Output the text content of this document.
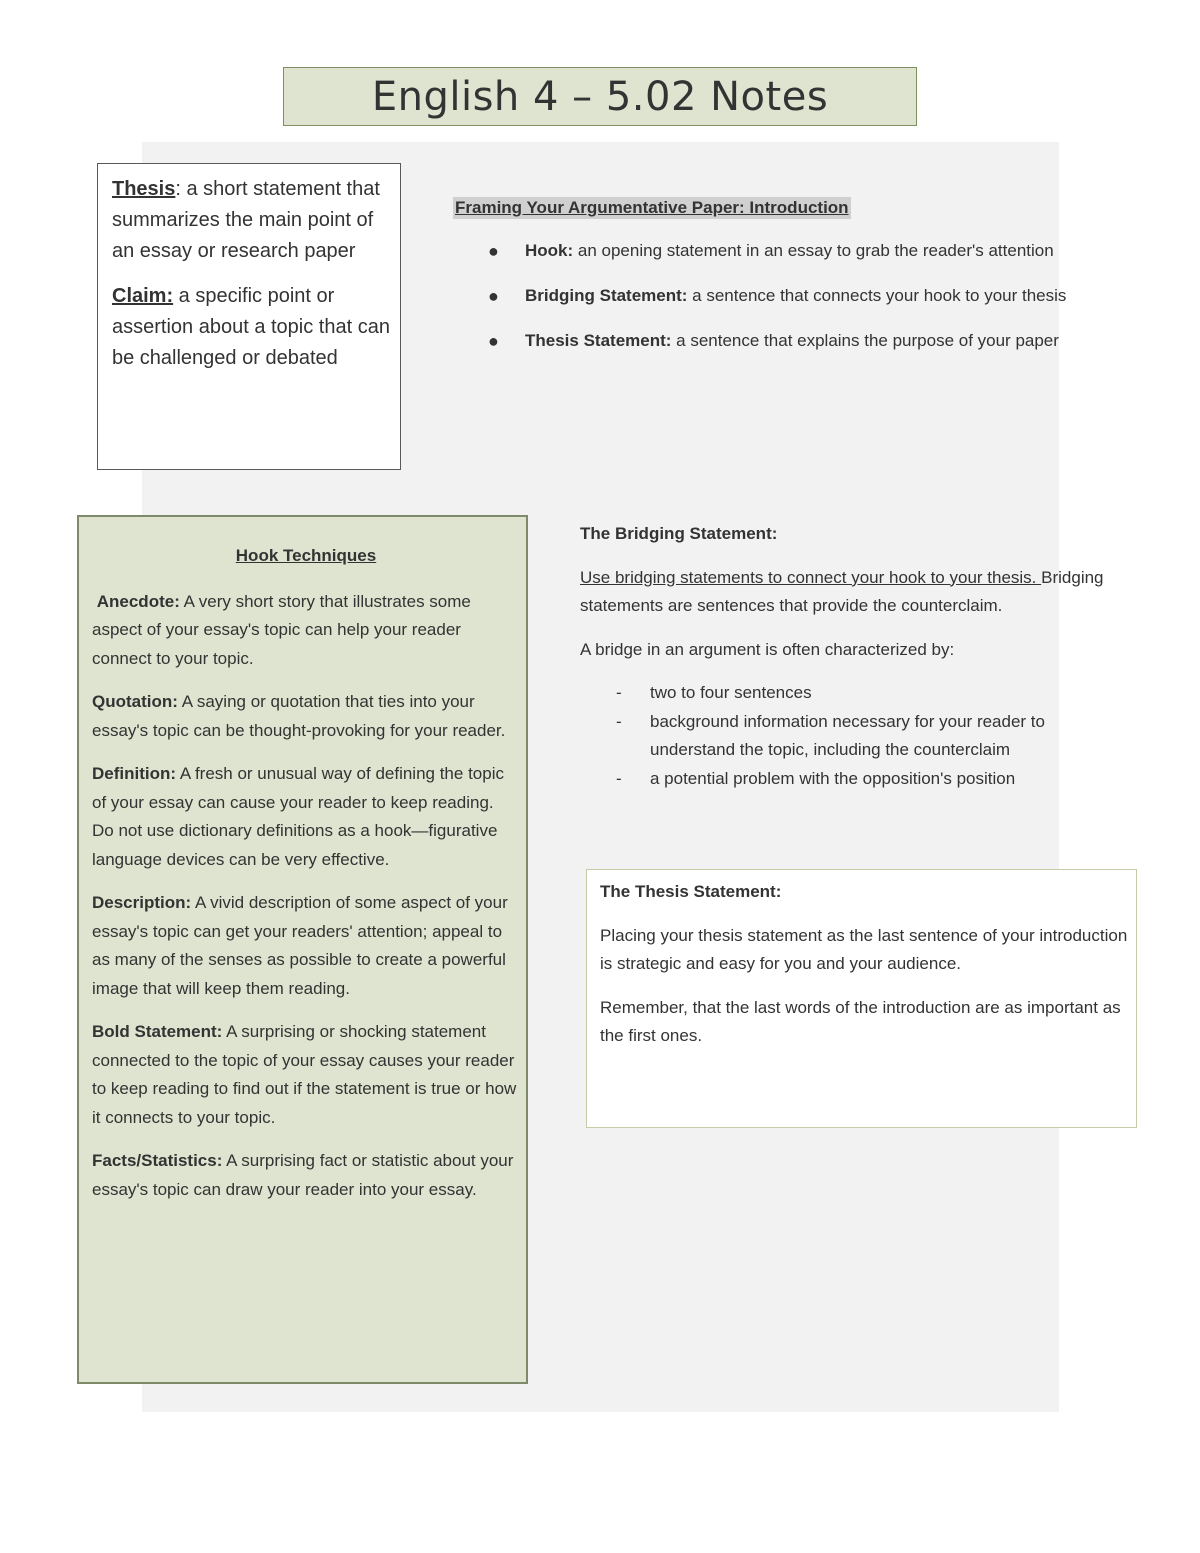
English 4 – 5.02 Notes

Thesis: a short statement that summarizes the main point of an essay or research paper

Claim: a specific point or assertion about a topic that can be challenged or debated

Framing Your Argumentative Paper: Introduction
● Hook: an opening statement in an essay to grab the reader's attention
● Bridging Statement: a sentence that connects your hook to your thesis
● Thesis Statement: a sentence that explains the purpose of your paper

Hook Techniques

Anecdote: A very short story that illustrates some aspect of your essay's topic can help your reader connect to your topic.

Quotation: A saying or quotation that ties into your essay's topic can be thought-provoking for your reader.

Definition: A fresh or unusual way of defining the topic of your essay can cause your reader to keep reading. Do not use dictionary definitions as a hook—figurative language devices can be very effective.

Description: A vivid description of some aspect of your essay's topic can get your readers' attention; appeal to as many of the senses as possible to create a powerful image that will keep them reading.

Bold Statement: A surprising or shocking statement connected to the topic of your essay causes your reader to keep reading to find out if the statement is true or how it connects to your topic.

Facts/Statistics: A surprising fact or statistic about your essay's topic can draw your reader into your essay.

The Bridging Statement:

Use bridging statements to connect your hook to your thesis. Bridging statements are sentences that provide the counterclaim.

A bridge in an argument is often characterized by:

- two to four sentences
- background information necessary for your reader to understand the topic, including the counterclaim
- a potential problem with the opposition's position

The Thesis Statement:

Placing your thesis statement as the last sentence of your introduction is strategic and easy for you and your audience.

Remember, that the last words of the introduction are as important as the first ones.
